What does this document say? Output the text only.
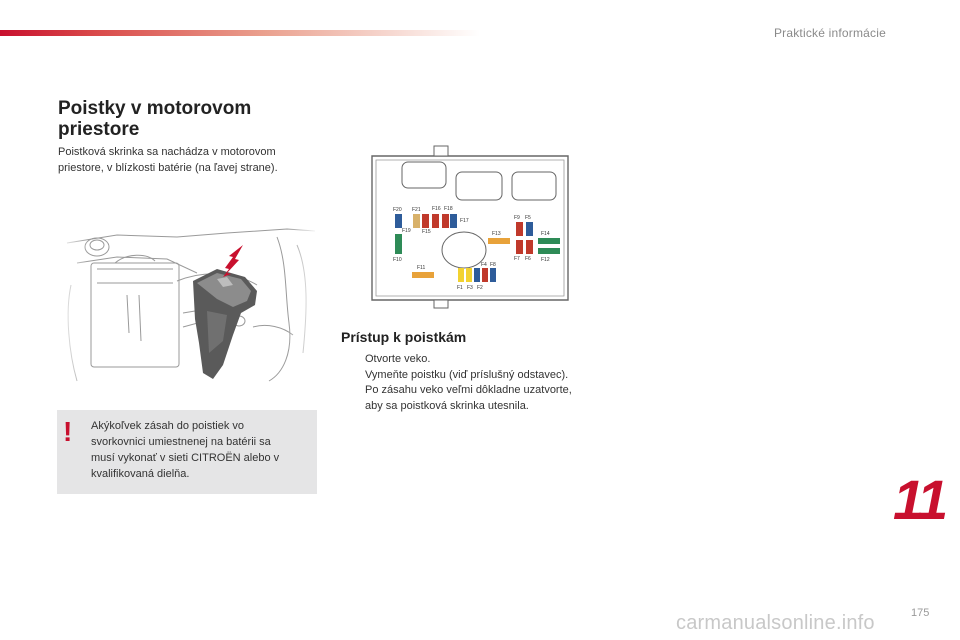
Praktické informácie
Poistky v motorovom
priestore
Poistková skrinka sa nachádza v motorovom
priestore, v blízkosti batérie (na ľavej strane).
! Akýkoľvek zásah do poistiek vo
svorkovnici umiestnenej na batérii sa
musí vykonať v sieti CITROËN alebo v
kvalifikovaná dielňa.
F20 F21 F16 F18
F17
F19 F15
F10
F13
F11
F9 F5
F14
F7 F6 F12
F4 F8
F1 F3 F2
Prístup k poistkám
Otvorte veko.
Vymeňte poistku (viď príslušný odstavec).
Po zásahu veko veľmi dôkladne uzatvorte,
aby sa poistková skrinka utesnila.
11
carmanualsonline.info	175
